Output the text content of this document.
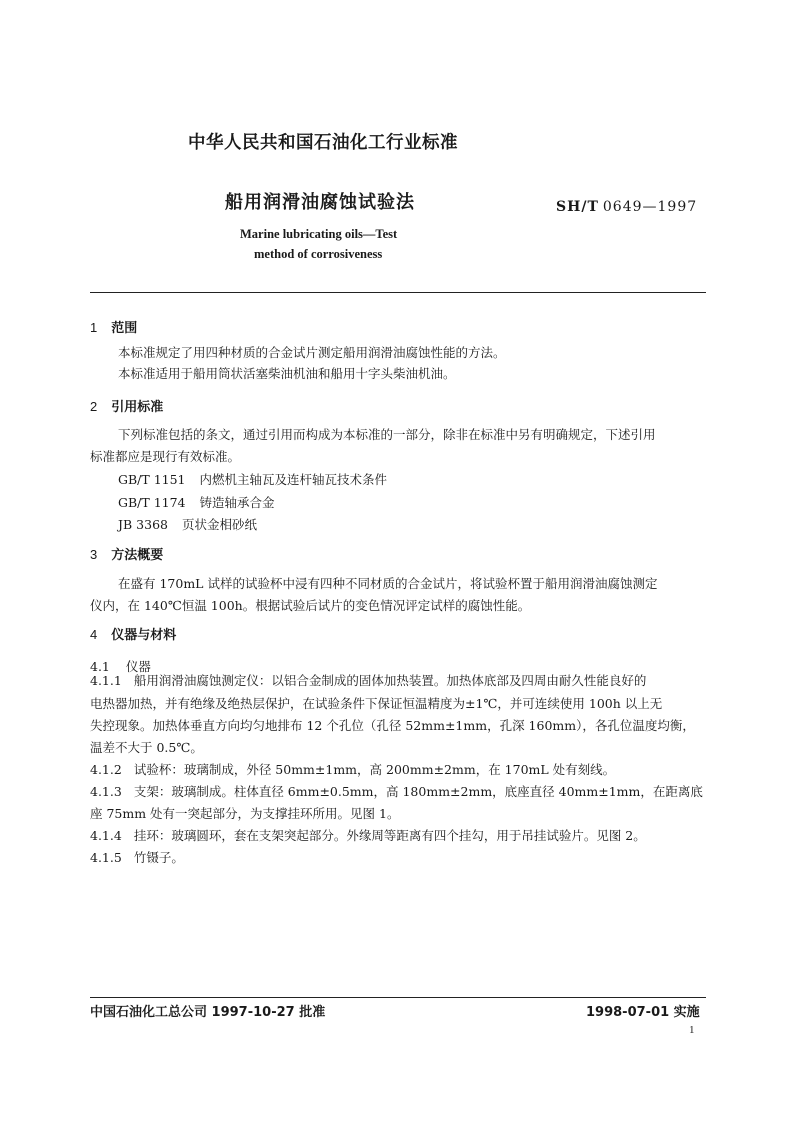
中华人民共和国石油化工行业标准
船用润滑油腐蚀试验法	SH/T 0649—1997
Marine lubricating oils—Test
method of corrosiveness
1 范围
本标准规定了用四种材质的合金试片测定船用润滑油腐蚀性能的方法。
本标准适用于船用筒状活塞柴油机油和船用十字头柴油机油。
2 引用标准
下列标准包括的条文，通过引用而构成为本标准的一部分，除非在标准中另有明确规定，下述引用
标准都应是现行有效标准。
GB/T 1151 内燃机主轴瓦及连杆轴瓦技术条件
GB/T 1174 铸造轴承合金
JB 3368 页状金相砂纸
3 方法概要
在盛有 170mL 试样的试验杯中浸有四种不同材质的合金试片，将试验杯置于船用润滑油腐蚀测定
仪内，在 140℃恒温 100h。根据试验后试片的变色情况评定试样的腐蚀性能。
4 仪器与材料
4.1 仪器
4.1.1 船用润滑油腐蚀测定仪：以铝合金制成的固体加热装置。加热体底部及四周由耐久性能良好的
电热器加热，并有绝缘及绝热层保护，在试验条件下保证恒温精度为±1℃，并可连续使用 100h 以上无
失控现象。加热体垂直方向均匀地排布 12 个孔位（孔径 52mm±1mm，孔深 160mm），各孔位温度均衡，
温差不大于 0.5℃。
4.1.2 试验杯：玻璃制成，外径 50mm±1mm，高 200mm±2mm，在 170mL 处有刻线。
4.1.3 支架：玻璃制成。柱体直径 6mm±0.5mm，高 180mm±2mm，底座直径 40mm±1mm，在距离底
座 75mm 处有一突起部分，为支撑挂环所用。见图 1。
4.1.4 挂环：玻璃圆环，套在支架突起部分。外缘周等距离有四个挂勾，用于吊挂试验片。见图 2。
4.1.5 竹镊子。
中国石油化工总公司 1997-10-27 批准	1998-07-01 实施
1
